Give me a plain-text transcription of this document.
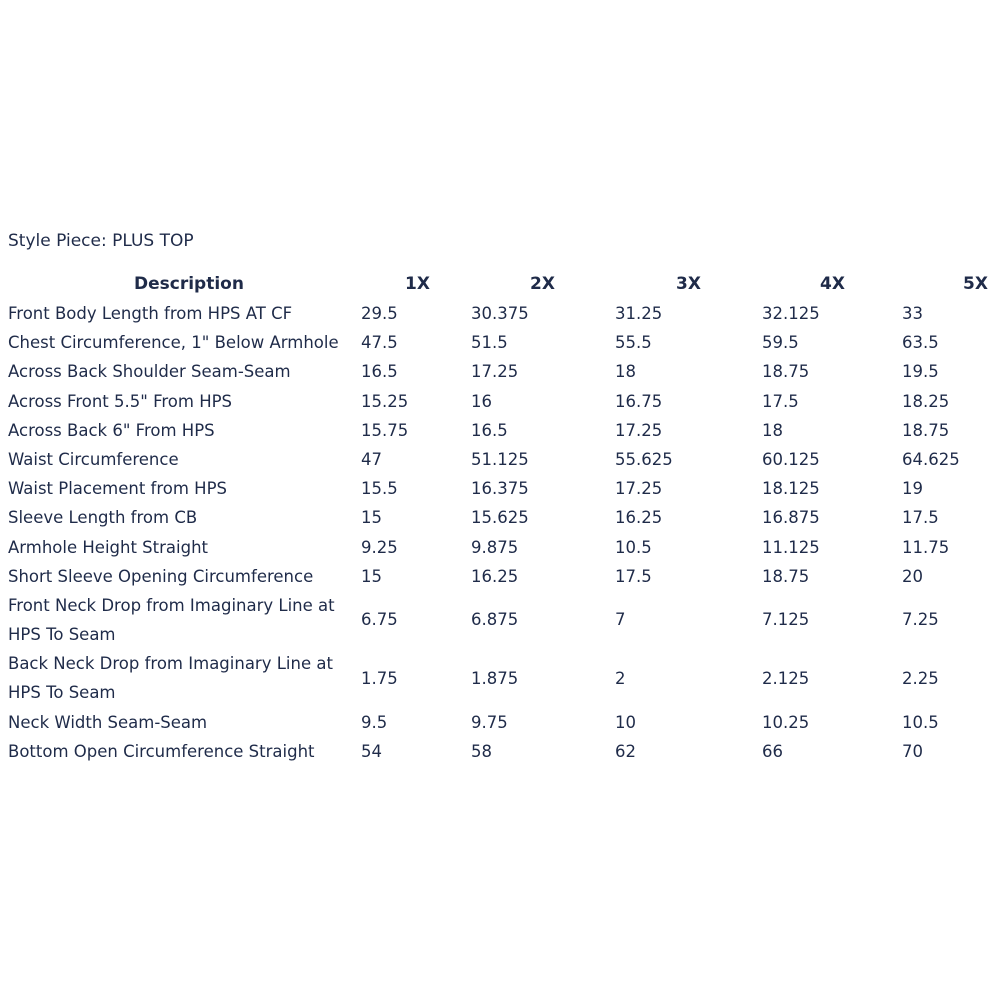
Style Piece: PLUS TOP
Description	1X	2X	3X	4X	5X
Front Body Length from HPS AT CF	29.5	30.375	31.25	32.125	33
Chest Circumference, 1" Below Armhole	47.5	51.5	55.5	59.5	63.5
Across Back Shoulder Seam-Seam	16.5	17.25	18	18.75	19.5
Across Front 5.5" From HPS	15.25	16	16.75	17.5	18.25
Across Back 6" From HPS	15.75	16.5	17.25	18	18.75
Waist Circumference	47	51.125	55.625	60.125	64.625
Waist Placement from HPS	15.5	16.375	17.25	18.125	19
Sleeve Length from CB	15	15.625	16.25	16.875	17.5
Armhole Height Straight	9.25	9.875	10.5	11.125	11.75
Short Sleeve Opening Circumference	15	16.25	17.5	18.75	20
Front Neck Drop from Imaginary Line at HPS To Seam
6.75	6.875	7	7.125	7.25
Back Neck Drop from Imaginary Line at HPS To Seam
1.75	1.875	2	2.125	2.25
Neck Width Seam-Seam	9.5	9.75	10	10.25	10.5
Bottom Open Circumference Straight	54	58	62	66	70
